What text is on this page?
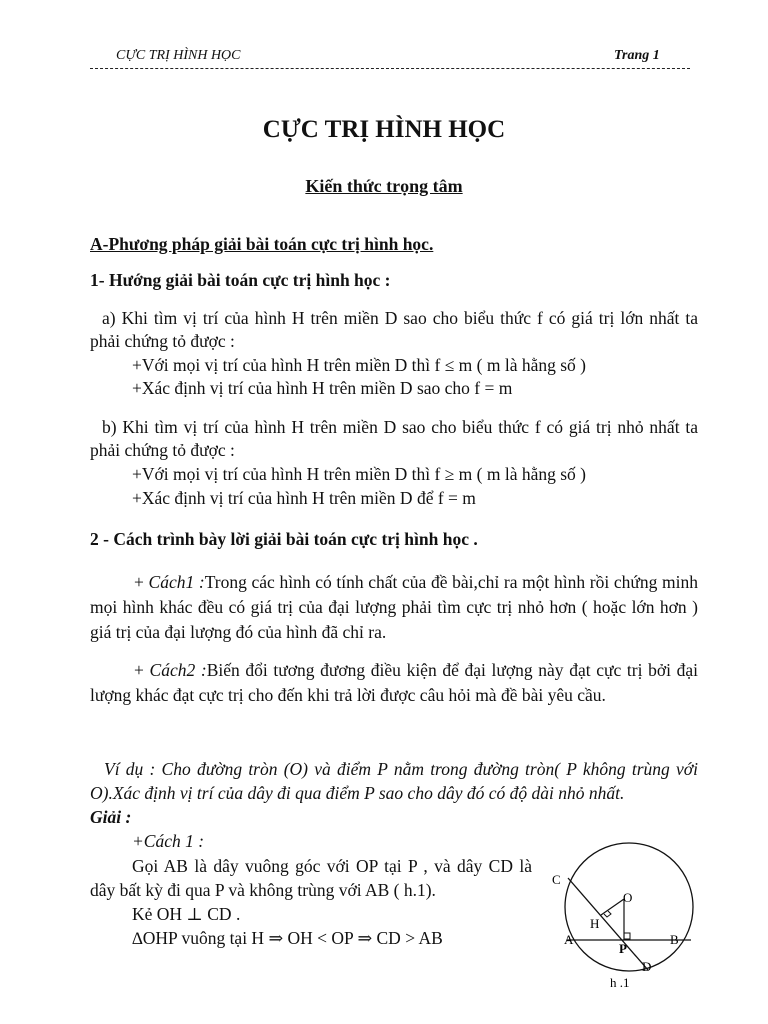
CỰC TRỊ HÌNH HỌC	Trang 1
CỰC TRỊ HÌNH HỌC
Kiến thức trọng tâm
A-Phương pháp giải bài toán cực trị hình học.
1- Hướng giải bài toán cực trị hình học :
a) Khi tìm vị trí của hình H trên miền D sao cho biểu thức f có giá trị lớn nhất ta phải chứng tỏ được :
+Với mọi vị trí của hình H trên miền D thì f ≤ m ( m là hằng số )
+Xác định vị trí của hình H trên miền D sao cho f = m
b) Khi tìm vị trí của hình H trên miền D sao cho biểu thức f có giá trị nhỏ nhất ta phải chứng tỏ được :
+Với mọi vị trí của hình H trên miền D thì f ≥ m ( m là hằng số )
+Xác định vị trí của hình H trên miền D để f = m
2 - Cách trình bày lời giải bài toán cực trị hình học .
+ Cách1 :Trong các hình có tính chất của đề bài,chỉ ra một hình rồi chứng minh mọi hình khác đều có giá trị của đại lượng phải tìm cực trị nhỏ hơn ( hoặc lớn hơn ) giá trị của đại lượng đó của hình đã chỉ ra.
+ Cách2 :Biến đổi tương đương điều kiện để đại lượng này đạt cực trị bởi đại lượng khác đạt cực trị cho đến khi trả lời được câu hỏi mà đề bài yêu cầu.
Ví dụ : Cho đường tròn (O) và điểm P nằm trong đường tròn( P không trùng với O).Xác định vị trí của dây đi qua điểm P sao cho dây đó có độ dài nhỏ nhất.
Giải :
+Cách 1 :
Gọi AB là dây vuông góc với OP tại P , và dây CD là dây bất kỳ đi qua P và không trùng với AB ( h.1).
Kẻ OH ⊥ CD .
∆OHP vuông tại H ⇒ OH < OP ⇒ CD > AB
C
O
H
A
P
B
D
h .1
